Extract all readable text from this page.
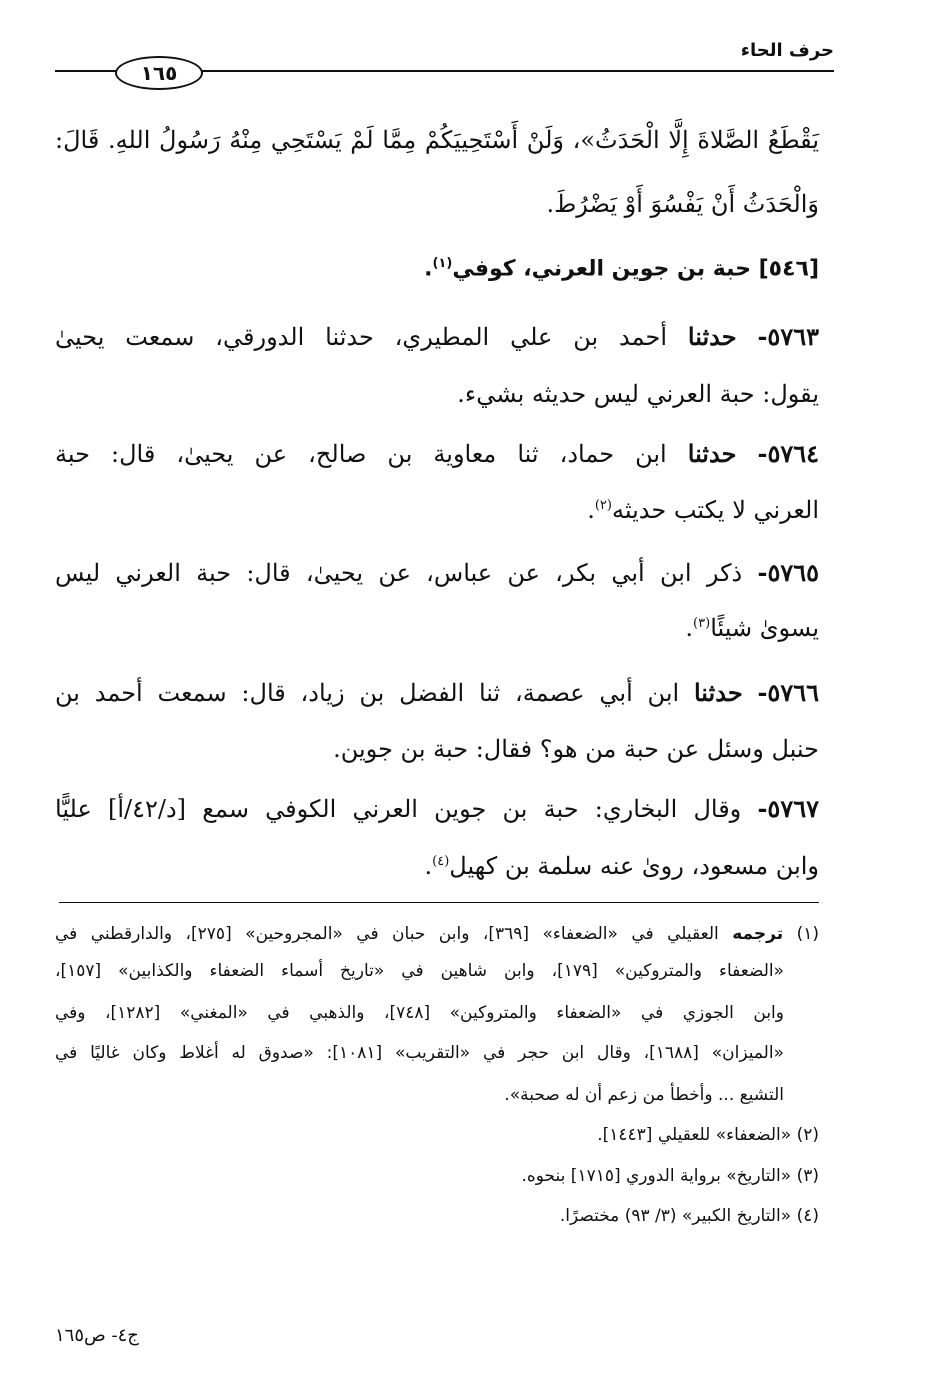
حرف الحاء
١٦٥
يَقْطَعُ الصَّلاةَ إِلَّا الْحَدَثُ»، وَلَنْ أَسْتَحِييَكُمْ مِمَّا لَمْ يَسْتَحِي مِنْهُ رَسُولُ اللهِ. قَالَ:
وَالْحَدَثُ أَنْ يَفْسُوَ أَوْ يَضْرُطَ.
[٥٤٦] حبة بن جوين العرني، كوفي$^{(١)}$.
٥٧٦٣- حدثنا أحمد بن علي المطيري، حدثنا الدورقي، سمعت يحيىٰ
يقول: حبة العرني ليس حديثه بشيء.
٥٧٦٤- حدثنا ابن حماد، ثنا معاوية بن صالح، عن يحيىٰ، قال: حبة
العرني لا يكتب حديثه$^{(٢)}$.
٥٧٦٥- ذكر ابن أبي بكر، عن عباس، عن يحيىٰ، قال: حبة العرني ليس
يسوىٰ شيئًا$^{(٣)}$.
٥٧٦٦- حدثنا ابن أبي عصمة، ثنا الفضل بن زياد، قال: سمعت أحمد بن
حنبل وسئل عن حبة من هو؟ فقال: حبة بن جوين.
٥٧٦٧- وقال البخاري: حبة بن جوين العرني الكوفي سمع [د/٤٢/أ] عليًّا
وابن مسعود، روىٰ عنه سلمة بن كهيل$^{(٤)}$.
(١) ترجمه العقيلي في «الضعفاء» [٣٦٩]، وابن حبان في «المجروحين» [٢٧٥]، والدارقطني في
«الضعفاء والمتروكين» [١٧٩]، وابن شاهين في «تاريخ أسماء الضعفاء والكذابين» [١٥٧]،
وابن الجوزي في «الضعفاء والمتروكين» [٧٤٨]، والذهبي في «المغني» [١٢٨٢]، وفي
«الميزان» [١٦٨٨]، وقال ابن حجر في «التقريب» [١٠٨١]: «صدوق له أغلاط وكان غاليًا في
التشيع ... وأخطأ من زعم أن له صحبة».
(٢) «الضعفاء» للعقيلي [١٤٤٣].
(٣) «التاريخ» برواية الدوري [١٧١٥] بنحوه.
(٤) «التاريخ الكبير» (٣/ ٩٣) مختصرًا.
ج٤- ص١٦٥
